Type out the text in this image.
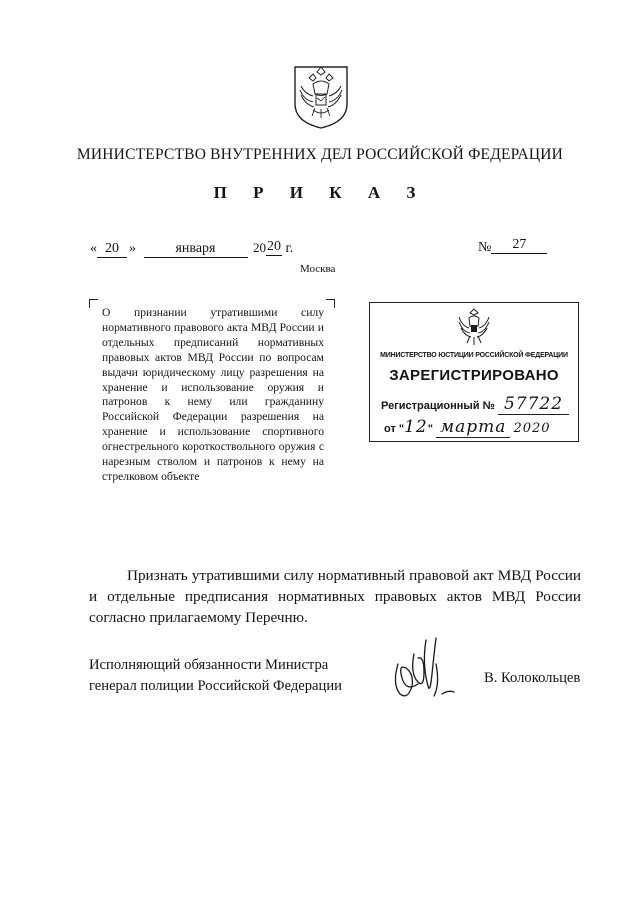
МИНИСТЕРСТВО ВНУТРЕННИХ ДЕЛ РОССИЙСКОЙ ФЕДЕРАЦИИ
П Р И К А З
« 20 »	января	2020 г.	№ 27
Москва
О признании утратившими силу нормативного правового акта МВД России и отдельных предписаний нормативных правовых актов МВД России по вопросам выдачи юридическому лицу разрешения на хранение и использование оружия и патронов к нему или гражданину Российской Федерации разрешения на хранение и использование спортивного огнестрельного короткоствольного оружия с нарезным стволом и патронов к нему на стрелковом объекте
МИНИСТЕРСТВО ЮСТИЦИИ РОССИЙСКОЙ ФЕДЕРАЦИИ
ЗАРЕГИСТРИРОВАНО
Регистрационный № 57722
от "12" марта 2020
Признать утратившими силу нормативный правовой акт МВД России и отдельные предписания нормативных правовых актов МВД России согласно прилагаемому Перечню.
Исполняющий обязанности Министра
генерал полиции Российской Федерации	В. Колокольцев
